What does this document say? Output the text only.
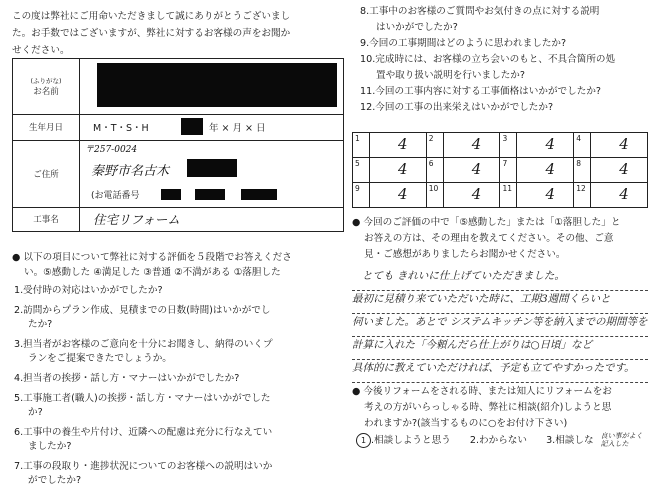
この度は弊社にご用命いただきまして誠にありがとうございまし
た。お手数ではございますが、弊社に対するお客様の声をお聞か
せください。
(ふりがな)
お名前
生年月日	M・T・S・H	年 × 月 × 日
ご住所
〒257-0024
秦野市名古木
(お電話番号
工事名	住宅リフォーム
● 以下の項目について弊社に対する評価を５段階でお答えくださ
い。⑤感動した ④満足した ③普通 ②不満がある ①落胆した
1.受付時の対応はいかがでしたか?
2.訪問からプラン作成、見積までの日数(時間)はいかがでし
たか?
3.担当者がお客様のご意向を十分にお聞きし、納得のいくプ
ランをご提案できたでしょうか。
4.担当者の挨拶・話し方・マナーはいかがでしたか?
5.工事施工者(職人)の挨拶・話し方・マナーはいかがでした
か?
6.工事中の養生や片付け、近隣への配慮は充分に行なえてい
ましたか?
7.工事の段取り・進捗状況についてのお客様への説明はいか
がでしたか?
8.工事中のお客様のご質問やお気付きの点に対する説明
はいかがでしたか?
9.今回の工事期間はどのように思われましたか?
10.完成時には、お客様の立ち会いのもと、不具合箇所の処
置や取り扱い説明を行いましたか?
11.今回の工事内容に対する工事価格はいかがでしたか?
12.今回の工事の出来栄えはいかがでしたか?
1	4	2	4	3	4	4	4

5	4	6	4	7	4	8	4

9	4	10	4	11	4	12	4
● 今回のご評価の中で「⑤感動した」または「①落胆した」と
お答えの方は、その理由を教えてください。その他、ご意
見・ご感想がありましたらお聞かせください。
とても きれいに仕上げていただきました。
最初に見積り来ていただいた時に、工期3週間くらいと
伺いました。あとで システムキッチン等を納入までの期間等を
計算に入れた「今頼んだら仕上がりは○日頃」など
具体的に教えていただければ、予定も立てやすかったです。
● 今後リフォームをされる時、または知人にリフォームをお
考えの方がいらっしゃる時、弊社に相談(紹介)しようと思
われますか?(該当するものに○をお付け下さい)
1 .相談しようと思う 2.わからない 3.相談しな 良い事がよく記入した
